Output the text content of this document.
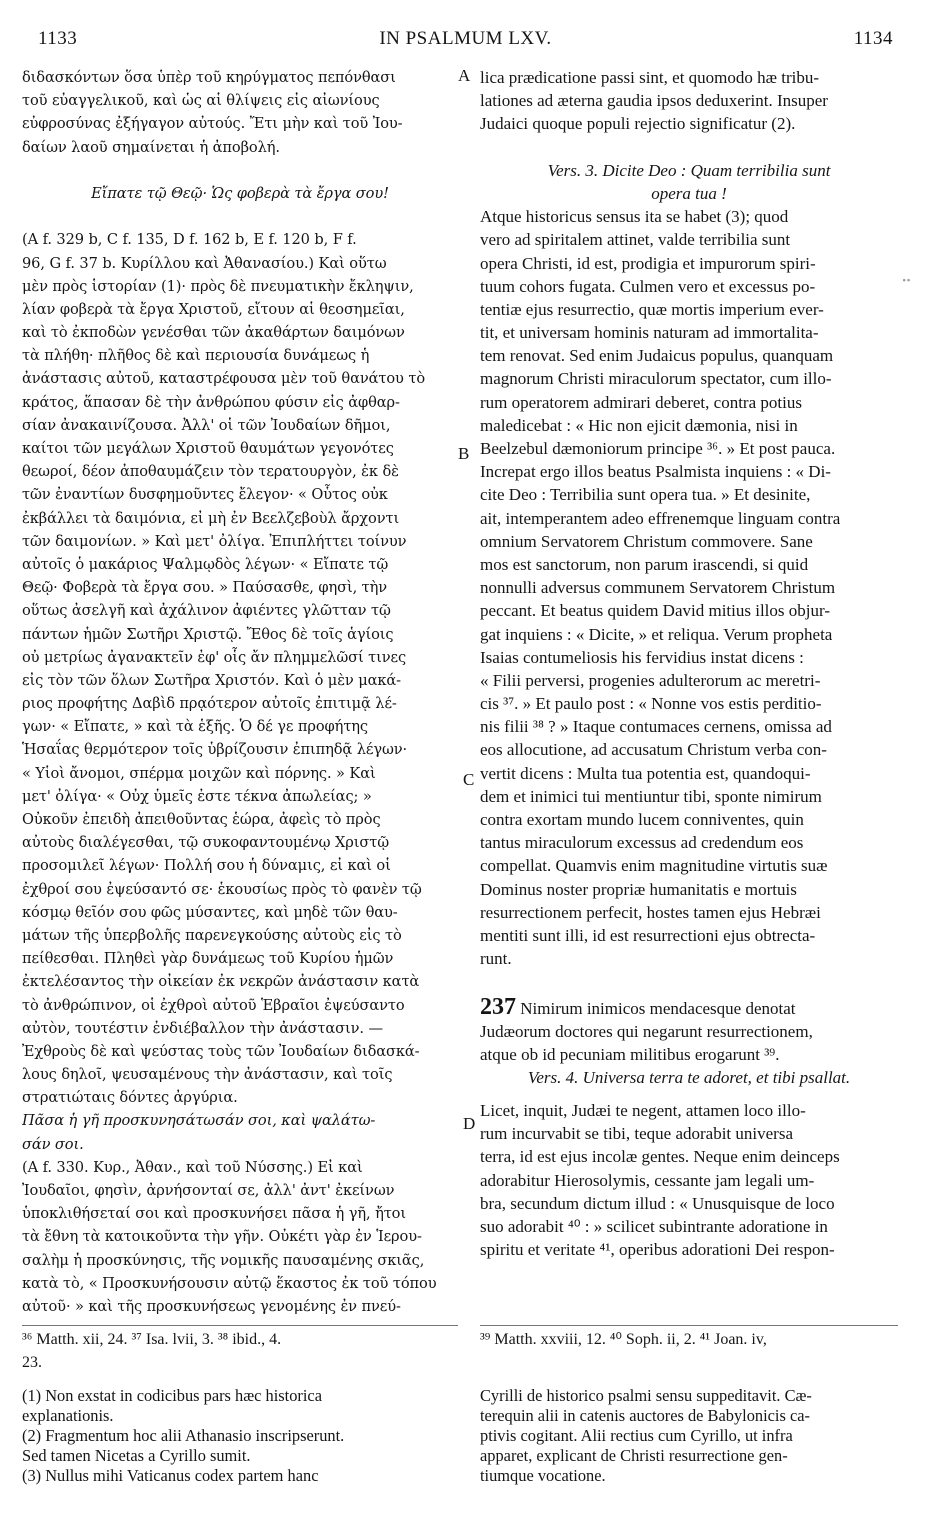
1133	IN PSALMUM LXV.	1134
A
B
C
D
διδασκόντων ὅσα ὑπὲρ τοῦ κηρύγματος πεπόνθασι
τοῦ εὐαγγελικοῦ, καὶ ὡς αἱ θλίψεις εἰς αἰωνίους
εὐφροσύνας ἐξήγαγον αὐτούς. Ἔτι μὴν καὶ τοῦ Ἰου-
δαίων λαοῦ σημαίνεται ἡ ἀποβολή.
Εἴπατε τῷ Θεῷ· Ὡς φοβερὰ τὰ ἔργα σου!
(A f. 329 b, C f. 135, D f. 162 b, E f. 120 b, F f.
96, G f. 37 b. Κυρίλλου καὶ Ἀθανασίου.) Καὶ οὕτω
μὲν πρὸς ἱστορίαν (1)· πρὸς δὲ πνευματικὴν ἔκληψιν,
λίαν φοβερὰ τὰ ἔργα Χριστοῦ, εἴτουν αἱ θεοσημεῖαι,
καὶ τὸ ἐκποδὼν γενέσθαι τῶν ἀκαθάρτων δαιμόνων
τὰ πλήθη· πλῆθος δὲ καὶ περιουσία δυνάμεως ἡ
ἀνάστασις αὐτοῦ, καταστρέφουσα μὲν τοῦ θανάτου τὸ
κράτος, ἅπασαν δὲ τὴν ἀνθρώπου φύσιν εἰς ἀφθαρ-
σίαν ἀνακαινίζουσα. Ἀλλ' οἱ τῶν Ἰουδαίων δῆμοι,
καίτοι τῶν μεγάλων Χριστοῦ θαυμάτων γεγονότες
θεωροί, δέον ἀποθαυμάζειν τὸν τερατουργὸν, ἐκ δὲ
τῶν ἐναντίων δυσφημοῦντες ἔλεγον· « Οὗτος οὐκ
ἐκβάλλει τὰ δαιμόνια, εἰ μὴ ἐν Βεελζεβοὺλ ἄρχοντι
τῶν δαιμονίων. » Καὶ μετ' ὀλίγα. Ἐπιπλήττει τοίνυν
αὐτοῖς ὁ μακάριος Ψαλμῳδὸς λέγων· « Εἴπατε τῷ
Θεῷ· Φοβερὰ τὰ ἔργα σου. » Παύσασθε, φησὶ, τὴν
οὕτως ἀσελγῆ καὶ ἀχάλινον ἀφιέντες γλῶτταν τῷ
πάντων ἡμῶν Σωτῆρι Χριστῷ. Ἔθος δὲ τοῖς ἁγίοις
οὐ μετρίως ἀγανακτεῖν ἐφ' οἷς ἄν πλημμελῶσί τινες
εἰς τὸν τῶν ὅλων Σωτῆρα Χριστόν. Καὶ ὁ μὲν μακά-
ριος προφήτης Δαβὶδ πρᾳότερον αὐτοῖς ἐπιτιμᾷ λέ-
γων· « Εἴπατε, » καὶ τὰ ἑξῆς. Ὁ δέ γε προφήτης
Ἡσαΐας θερμότερον τοῖς ὑβρίζουσιν ἐπιπηδᾷ λέγων·
« Υἱοὶ ἄνομοι, σπέρμα μοιχῶν καὶ πόρνης. » Καὶ
μετ' ὀλίγα· « Οὐχ ὑμεῖς ἐστε τέκνα ἀπωλείας; »
Οὐκοῦν ἐπειδὴ ἀπειθοῦντας ἑώρα, ἀφεὶς τὸ πρὸς
αὐτοὺς διαλέγεσθαι, τῷ συκοφαντουμένῳ Χριστῷ
προσομιλεῖ λέγων· Πολλή σου ἡ δύναμις, εἰ καὶ οἱ
ἐχθροί σου ἐψεύσαντό σε· ἑκουσίως πρὸς τὸ φανὲν τῷ
κόσμῳ θεῖόν σου φῶς μύσαντες, καὶ μηδὲ τῶν θαυ-
μάτων τῆς ὑπερβολῆς παρενεγκούσης αὐτοὺς εἰς τὸ
πείθεσθαι. Πληθεὶ γὰρ δυνάμεως τοῦ Κυρίου ἡμῶν
ἐκτελέσαντος τὴν οἰκείαν ἐκ νεκρῶν ἀνάστασιν κατὰ
τὸ ἀνθρώπινον, οἱ ἐχθροὶ αὐτοῦ Ἑβραῖοι ἐψεύσαντο
αὐτὸν, τουτέστιν ἐνδιέβαλλον τὴν ἀνάστασιν. —
Ἐχθροὺς δὲ καὶ ψεύστας τοὺς τῶν Ἰουδαίων διδασκά-
λους δηλοῖ, ψευσαμένους τὴν ἀνάστασιν, καὶ τοῖς
στρατιώταις δόντες ἀργύρια.
Πᾶσα ἡ γῆ προσκυνησάτωσάν σοι, καὶ ψαλάτω-
σάν σοι.
(A f. 330. Κυρ., Ἀθαν., καὶ τοῦ Νύσσης.) Εἰ καὶ
Ἰουδαῖοι, φησὶν, ἀρνήσονταί σε, ἀλλ' ἀντ' ἐκείνων
ὑποκλιθήσεταί σοι καὶ προσκυνήσει πᾶσα ἡ γῆ, ἤτοι
τὰ ἔθνη τὰ κατοικοῦντα τὴν γῆν. Οὐκέτι γὰρ ἐν Ἱερου-
σαλὴμ ἡ προσκύνησις, τῆς νομικῆς παυσαμένης σκιᾶς,
κατὰ τὸ, « Προσκυνήσουσιν αὐτῷ ἕκαστος ἐκ τοῦ τόπου
αὐτοῦ· » καὶ τῆς προσκυνήσεως γενομένης ἐν πνεύ-
lica prædicatione passi sint, et quomodo hæ tribu-
lationes ad æterna gaudia ipsos deduxerint. Insuper
Judaici quoque populi rejectio significatur (2).
Vers. 3. Dicite Deo : Quam terribilia sunt
opera tua !
Atque historicus sensus ita se habet (3); quod
vero ad spiritalem attinet, valde terribilia sunt
opera Christi, id est, prodigia et impurorum spiri-
tuum cohors fugata. Culmen vero et excessus po-
tentiæ ejus resurrectio, quæ mortis imperium ever-
tit, et universam hominis naturam ad immortalita-
tem renovat. Sed enim Judaicus populus, quanquam
magnorum Christi miraculorum spectator, cum illo-
rum operatorem admirari deberet, contra potius
maledicebat : « Hic non ejicit dæmonia, nisi in
Beelzebul dæmoniorum principe ³⁶. » Et post pauca.
Increpat ergo illos beatus Psalmista inquiens : « Di-
cite Deo : Terribilia sunt opera tua. » Et desinite,
ait, intemperantem adeo effrenemque linguam contra
omnium Servatorem Christum commovere. Sane
mos est sanctorum, non parum irascendi, si quid
nonnulli adversus communem Servatorem Christum
peccant. Et beatus quidem David mitius illos objur-
gat inquiens : « Dicite, » et reliqua. Verum propheta
Isaias contumeliosis his fervidius instat dicens :
« Filii perversi, progenies adulterorum ac meretri-
cis ³⁷. » Et paulo post : « Nonne vos estis perditio-
nis filii ³⁸ ? » Itaque contumaces cernens, omissa ad
eos allocutione, ad accusatum Christum verba con-
vertit dicens : Multa tua potentia est, quandoqui-
dem et inimici tui mentiuntur tibi, sponte nimirum
contra exortam mundo lucem conniventes, quin
tantus miraculorum excessus ad credendum eos
compellat. Quamvis enim magnitudine virtutis suæ
Dominus noster propriæ humanitatis e mortuis
resurrectionem perfecit, hostes tamen ejus Hebræi
mentiti sunt illi, id est resurrectioni ejus obtrecta-
runt.
237 Nimirum inimicos mendacesque denotat
Judæorum doctores qui negarunt resurrectionem,
atque ob id pecuniam militibus erogarunt ³⁹.
Vers. 4. Universa terra te adoret, et tibi psallat.
Licet, inquit, Judæi te negent, attamen loco illo-
rum incurvabit se tibi, teque adorabit universa
terra, id est ejus incolæ gentes. Neque enim deinceps
adorabitur Hierosolymis, cessante jam legali um-
bra, secundum dictum illud : « Unusquisque de loco
suo adorabit ⁴⁰ : » scilicet subintrante adoratione in
spiritu et veritate ⁴¹, operibus adorationi Dei respon-
³⁶ Matth. xii, 24. ³⁷ Isa. lvii, 3. ³⁸ ibid., 4.
23.
³⁹ Matth. xxviii, 12. ⁴⁰ Soph. ii, 2. ⁴¹ Joan. iv,
(1) Non exstat in codicibus pars hæc historica
explanationis.
(2) Fragmentum hoc alii Athanasio inscripserunt.
Sed tamen Nicetas a Cyrillo sumit.
(3) Nullus mihi Vaticanus codex partem hanc
Cyrilli de historico psalmi sensu suppeditavit. Cæ-
terequin alii in catenis auctores de Babylonicis ca-
ptivis cogitant. Alii rectius cum Cyrillo, ut infra
apparet, explicant de Christi resurrectione gen-
tiumque vocatione.
∙∙
